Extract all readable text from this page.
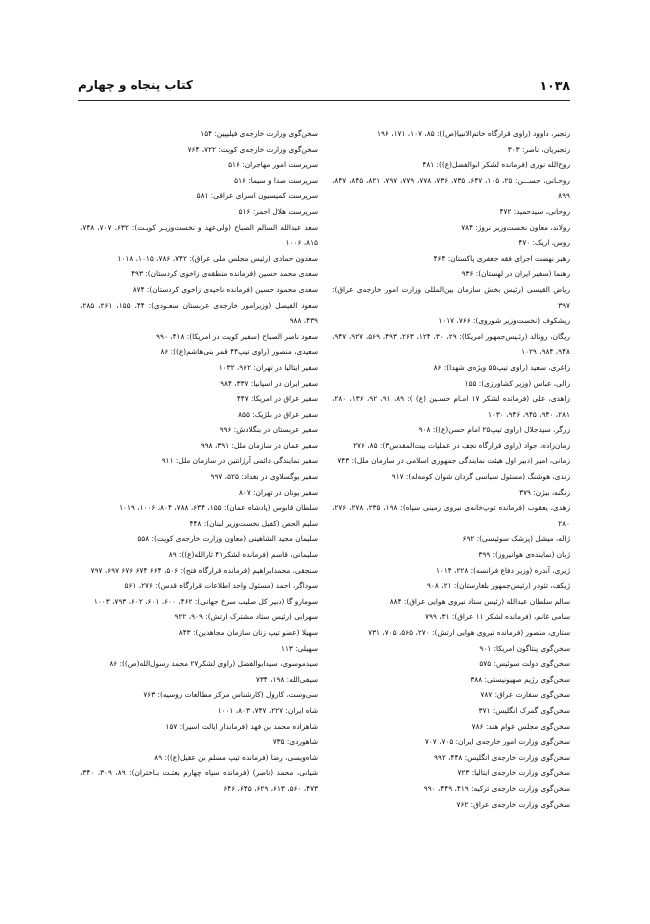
۱۰۳۸
کتاب پنجاه و چهارم
رنجبر، داوود (راوی قرارگاه خاتم‌الانبیا(ص)): ۸۵، ۱۰۷، ۱۷۱، ۱۹۶
رنجبریان، ناصر: ۳۰۳
روح‌الله نوری (فرمانده لشکر ابوالفضل(ع)): ۴۸۱
روحـانی، حســـن: ۲۵، ۱۰۵، ۶۴۷، ۷۳۵، ۷۳۶، ۷۷۸، ۷۷۹، ۷۹۷، ۸۲۱، ۸۴۵، ۸۴۷، ۸۹۹
روحانی، سیدحمید: ۴۷۲
رولاند، معاون نخست‌وزیر نروژ: ۷۸۴
روس، اریک: ۴۷۰
رهبر نهضت اجرای فقه جعفری پاکستان: ۴۶۴
رهنما (سفیر ایران در لهستان): ۹۳۶
ریاض القیسی (رئیس بخش سازمان بین‌المللی وزارت امور خارجه‌ی عراق): ۳۹۷
ریشکوف (نخست‌وزیر شوروی): ۷۶۶، ۱۰۱۷
ریگان، رونالد (رئـیس‌جمهور امریکا): ۲۹، ۳۰، ۱۲۴، ۲۶۳، ۴۹۳، ۵۶۹، ۹۲۷، ۹۴۷، ۹۴۸، ۹۸۴، ۱۰۲۹
زاغری، سعید (راوی تیپ۵۵ ویژه‌ی شهدا): ۸۶
زالی، عباس (وزیر کشاورزی): ۱۵۵
زاهدی، علی (فرمانده لشکر ۱۷ امـام حسـین (ع) ): ۸۹، ۹۱، ۹۲، ۱۳۶، ۲۸۰، ۲۸۱، ۹۴۰، ۹۴۵، ۹۴۶، ۱۰۳۰
زرگر، سیدجلال (راوی تیپ۲۵ امام حسن(ع)): ۹۰۸
زمان‌زاده، جواد (راوی قرارگاه نجف در عملیات بیت‌المقدس۳): ۸۵، ۲۷۶
زمانی، امیر (دبیر اول هیئت نمایندگی جمهوری اسلامی در سازمان ملل): ۷۴۳
زندی، هوشنگ (مسئول سیاسی گردان شوان کومه‌له): ۹۱۷
زنگنه، بیژن: ۳۷۹
زهدی، یعقوب (فرمانده توپ‌خانه‌ی نیروی زمینی سپاه): ۱۹۸، ۲۳۵، ۲۷۸، ۲۷۶، ۲۸۰
ژاله، میشل (پزشک سوئیسی): ۶۹۲
ژبان (نماینده‌ی هوانیروز): ۳۹۹
ژیری، آندره (وزیر دفاع فرانسه): ۲۲۸، ۱۰۱۴
ژیکف، تئودر (رئیس‌جمهور بلغارستان): ۲۱، ۹۰۸
سالم سلطان عبدالله (رئیس ستاد نیروی هوایی عراق): ۸۸۴
سامی غانم، (فرمانده لشکر ۱۱ عراق): ۳۱، ۷۹۹
ستاری، منصور (فرمانده نیروی هوایی ارتش): ۲۷۰، ۵۶۵، ۷۰۵، ۷۳۱
سخن‌گوی پنتاگون امریکا: ۹۰۱
سخن‌گوی دولت سوئیس: ۵۷۵
سخن‌گوی رژیم صهیونیستی: ۳۸۸
سخن‌گوی سفارت عراق: ۷۸۷
سخن‌گوی گمرک انگلیس: ۳۷۱
سخن‌گوی مجلس عوام هند: ۷۸۶
سخن‌گوی وزارت امور خارجه‌ی ایران: ۷۰۵، ۷۰۷
سخن‌گوی وزارت خارجه‌ی انگلیس: ۴۴۸، ۹۹۲
سخن‌گوی وزارت خارجه‌ی ایتالیا: ۷۲۳
سخن‌گوی وزارت خارجه‌ی ترکیه: ۴۱۹، ۴۴۹، ۹۹۰
سخن‌گوی وزارت خارجه‌ی عراق: ۷۶۲
سخن‌گوی وزارت خارجه‌ی فیلیپین: ۱۵۴
سخن‌گوی وزارت خارجه‌ی کویت: ۷۲۲، ۷۶۴
سرپرست امور مهاجران: ۵۱۶
سرپرست صدا و سیما: ۵۱۶
سرپرست کمیسیون اسرای عراقی: ۵۸۱
سرپرست هلال احمر: ۵۱۶
سعد عبدالله السالم الصباح (ولی‌عهد و نخست‌وزیـر کویـت): ۶۳۲، ۷۰۷، ۷۴۸، ۸۱۵، ۱۰۰۶
سعدون حمادی (رئیس مجلس ملی عراق): ۷۴۲، ۷۸۶، ۱۰۱۵، ۱۰۱۸
سعدی محمد حسین (فرمانده منطقه‌ی زاخوی کردستان): ۴۹۳
سعدی محمود حسین (فرمانده ناحیه‌ی زاخوی کردستان): ۸۷۴
سعود الفیصل (وزیرامور خارجه‌ی عربستان سعـودی): ۴۴، ۱۵۵، ۲۶۱، ۲۸۵، ۴۳۹، ۹۸۸
سعود ناصر الصباح (سفیر کویت در امریکا): ۴۱۸، ۹۹۰
سعیدی، منصور (راوی تیپ۴۴ قمر بنی‌هاشم(ع)): ۸۶
سفیر ایتالیا در تهران: ۹۶۲، ۱۰۳۲
سفیر ایران در اسپانیا: ۳۳۷، ۹۸۴
سفیر عراق در امریکا: ۴۴۷
سفیر عراق در بلژیک: ۸۵۵
سفیر عربستان در بنگلادش: ۹۹۶
سفیر عمان در سازمان ملل: ۳۹۱، ۹۹۸
سفیر نمایندگی دائمی آرژانتین در سازمان ملل: ۹۱۱
سفیر یوگسلاوی در بغداد: ۵۲۵، ۹۹۷
سفیر یونان در تهران: ۸۰۷
سلطان قابوس (پادشاه عمان): ۱۵۵، ۶۳۴، ۷۸۸، ۸۰۴، ۱۰۰۶، ۱۰۱۹
سلیم الحص (کفیل نخست‌وزیر لبنان): ۴۴۸
سلیمان مجید الشاهینی (معاون وزارت خارجه‌ی کویت): ۵۵۸
سلیمانی، قاسم (فرمانده لشکر۴۱ ثارالله(ع)): ۸۹
سنجقی، محمدابراهیم (فرمانده قرارگاه فتح): ۵۰۶، ۶۶۴ ۶۷۴ ۶۷۶ ۶۹۷، ۷۹۷
سوداگر، احمد (مسئول واحد اطلاعات قرارگاه قدس): ۲۷۶، ۵۶۱
سومارو گا (دبیر کل صلیب سرخ جهانی): ۴۶۲، ۶۰۰، ۶۰۱، ۶۰۲، ۷۹۳، ۱۰۰۳
سهرابی (رئیس ستاد مشترک ارتش): ۹۰۹، ۹۲۲
سهیلا (عضو تیپ زنان سازمان مجاهدین): ۸۴۳
سهیلی: ۱۱۳
سیدموسوی، سیدابوالفضل (راوی لشکر۲۷ محمد رسول‌الله(ص)): ۸۶
سیفی‌الله: ۱۹۸، ۷۳۴
سی‌وست، کارول (کارشناس مرکز مطالعات روسیه): ۷۶۳
شاه ایران: ۲۲۷، ۷۴۷، ۸۰۳، ۱۰۰۱
شاهزاده محمد بن فهد (فرماندار ایالت اسیر): ۱۵۷
شاهوردی: ۷۳۵
شاه‌ویسی، رضا (فرمانده تیپ مسلم بن عقیل(ع)): ۸۹
شیانی، محمد (ناصر) (فرمانده سپاه چهارم بعثـت بـاختران): ۸۹، ۳۰۹، ۳۴۰، ۴۷۳، ۵۶۰، ۶۱۳، ۶۲۹، ۶۴۵، ۶۴۶
